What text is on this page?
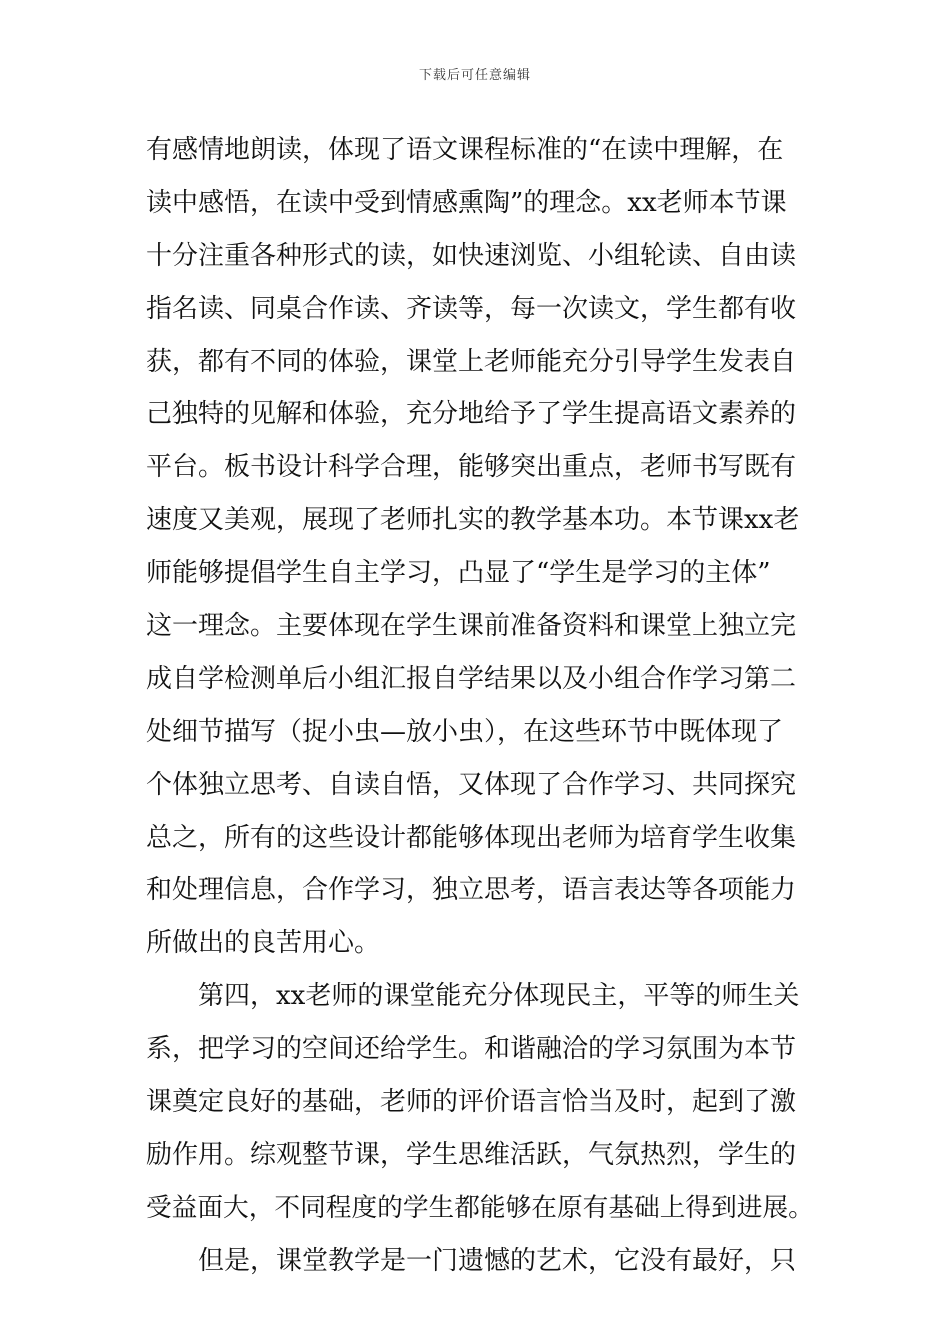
下载后可任意编辑
有感情地朗读，体现了语文课程标准的“在读中理解，在
读中感悟，在读中受到情感熏陶”的理念。xx老师本节课
十分注重各种形式的读，如快速浏览、小组轮读、自由读
指名读、同桌合作读、齐读等，每一次读文，学生都有收
获，都有不同的体验，课堂上老师能充分引导学生发表自
己独特的见解和体验，充分地给予了学生提高语文素养的
平台。板书设计科学合理，能够突出重点，老师书写既有
速度又美观，展现了老师扎实的教学基本功。本节课xx老
师能够提倡学生自主学习，凸显了“学生是学习的主体”
这一理念。主要体现在学生课前准备资料和课堂上独立完
成自学检测单后小组汇报自学结果以及小组合作学习第二
处细节描写（捉小虫—放小虫），在这些环节中既体现了
个体独立思考、自读自悟，又体现了合作学习、共同探究
总之，所有的这些设计都能够体现出老师为培育学生收集
和处理信息，合作学习，独立思考，语言表达等各项能力
所做出的良苦用心。
第四，xx老师的课堂能充分体现民主，平等的师生关
系，把学习的空间还给学生。和谐融洽的学习氛围为本节
课奠定良好的基础，老师的评价语言恰当及时，起到了激
励作用。综观整节课，学生思维活跃，气氛热烈，学生的
受益面大，不同程度的学生都能够在原有基础上得到进展。
但是，课堂教学是一门遗憾的艺术，它没有最好，只
